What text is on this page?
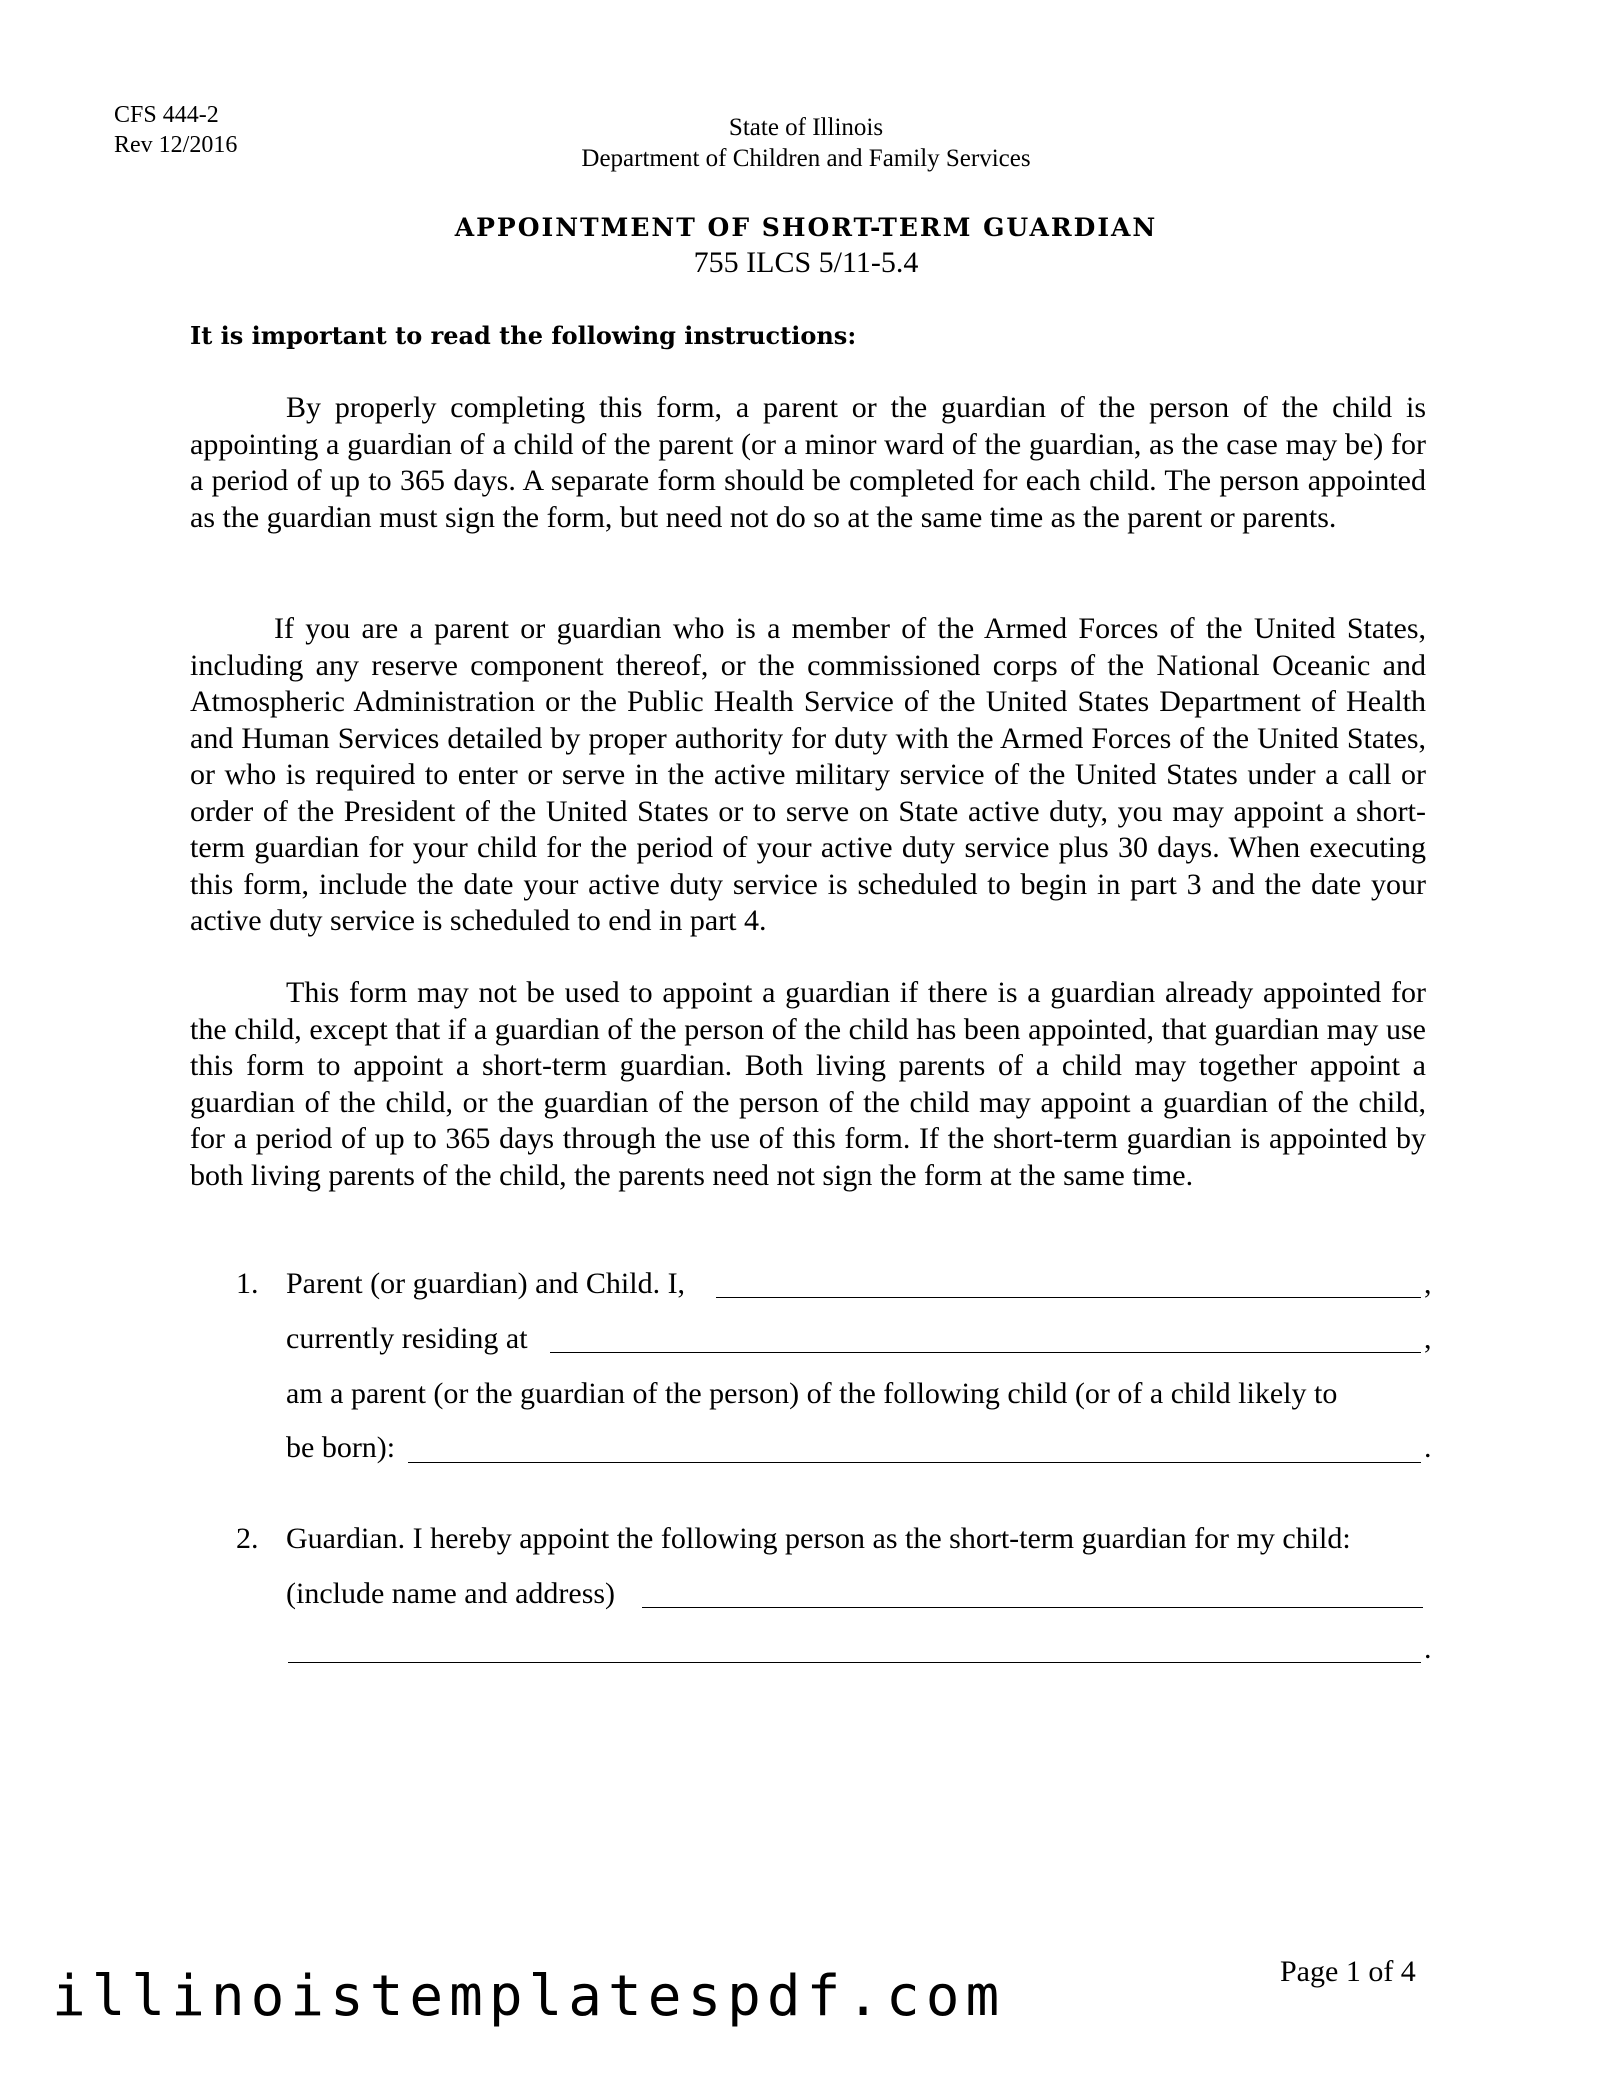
CFS 444-2
Rev 12/2016
State of Illinois
Department of Children and Family Services
APPOINTMENT OF SHORT-TERM GUARDIAN
755 ILCS 5/11-5.4
It is important to read the following instructions:

By properly completing this form, a parent or the guardian of the person of the child is appointing a guardian of a child of the parent (or a minor ward of the guardian, as the case may be) for a period of up to 365 days. A separate form should be completed for each child. The person appointed as the guardian must sign the form, but need not do so at the same time as the parent or parents.

If you are a parent or guardian who is a member of the Armed Forces of the United States, including any reserve component thereof, or the commissioned corps of the National Oceanic and Atmospheric Administration or the Public Health Service of the United States Department of Health and Human Services detailed by proper authority for duty with the Armed Forces of the United States, or who is required to enter or serve in the active military service of the United States under a call or order of the President of the United States or to serve on State active duty, you may appoint a short-term guardian for your child for the period of your active duty service plus 30 days. When executing this form, include the date your active duty service is scheduled to begin in part 3 and the date your active duty service is scheduled to end in part 4.

This form may not be used to appoint a guardian if there is a guardian already appointed for the child, except that if a guardian of the person of the child has been appointed, that guardian may use this form to appoint a short-term guardian. Both living parents of a child may together appoint a guardian of the child, or the guardian of the person of the child may appoint a guardian of the child, for a period of up to 365 days through the use of this form. If the short-term guardian is appointed by both living parents of the child, the parents need not sign the form at the same time.

1. Parent (or guardian) and Child. I,	,
currently residing at	,
am a parent (or the guardian of the person) of the following child (or of a child likely to
be born):	.
2. Guardian. I hereby appoint the following person as the short-term guardian for my child:
(include name and address)
.
Page 1 of 4
illinoistemplatespdf.com
